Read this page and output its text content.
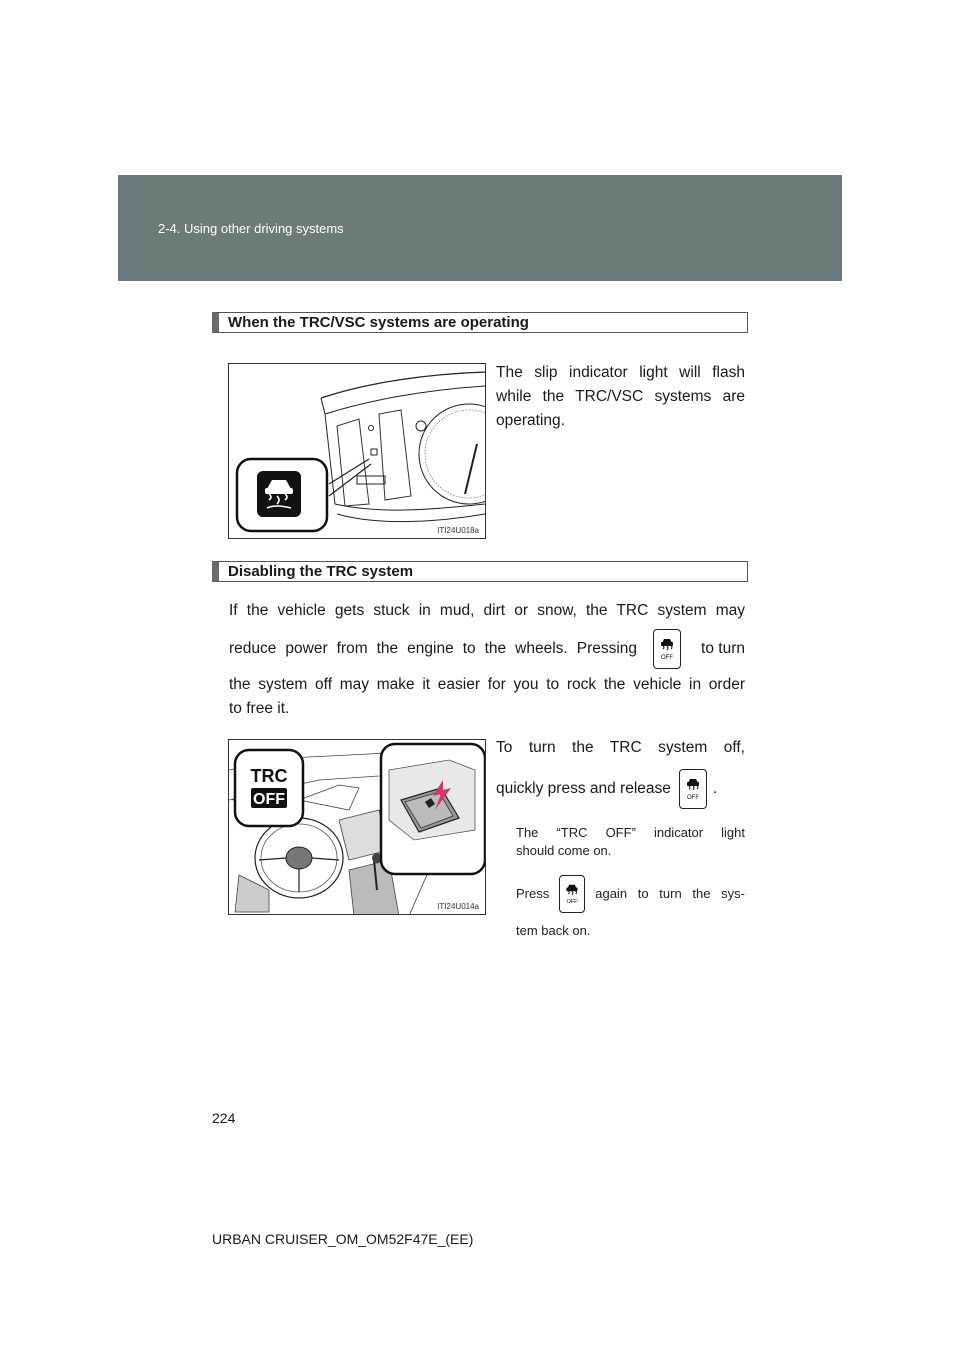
2-4. Using other driving systems
When the TRC/VSC systems are operating
ITI24U018a
The slip indicator light will flash
while the TRC/VSC systems are
operating.
Disabling the TRC system
If the vehicle gets stuck in mud, dirt or snow, the TRC system may
reduce power from the engine to the wheels. Pressing
OFF
to turn
the system off may make it easier for you to rock the vehicle in order
to free it.
TRC
OFF
ITI24U014a
To turn the TRC system off,
quickly press and release
OFF
.
The “TRC OFF” indicator light
should come on.
Press
OFF
again to turn the sys-
tem back on.
224
URBAN CRUISER_OM_OM52F47E_(EE)
